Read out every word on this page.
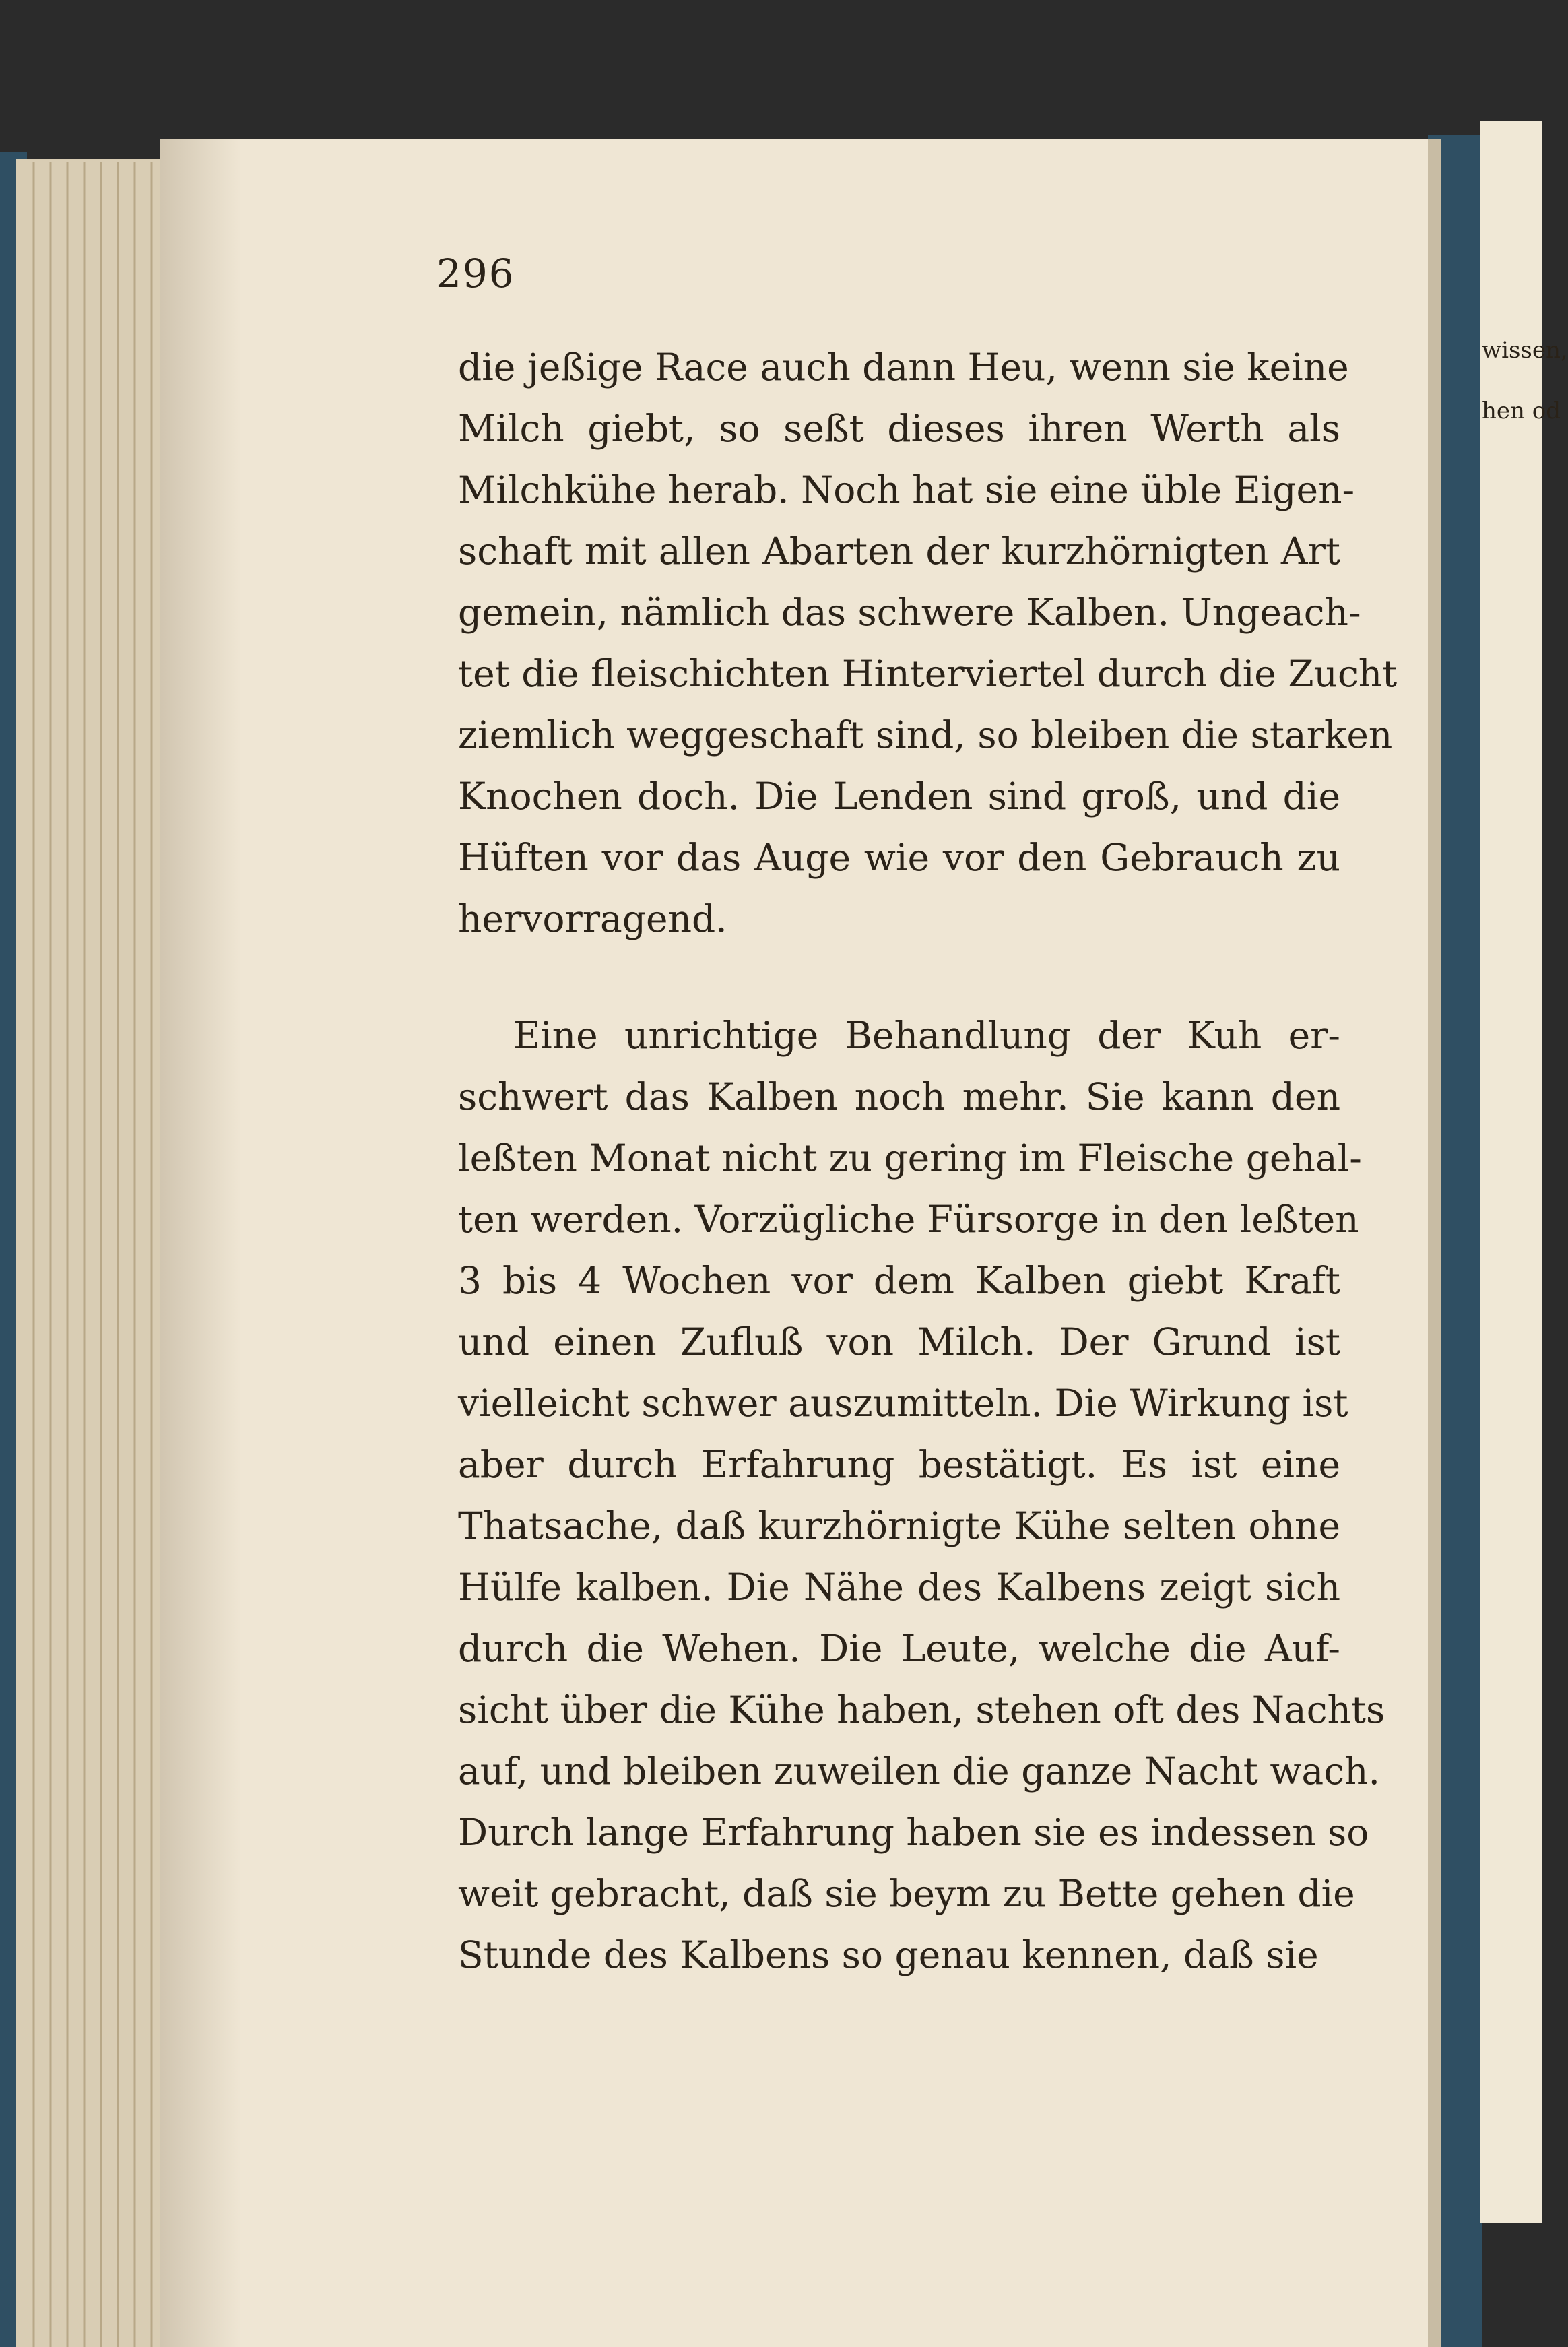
296
die jeßige Race auch dann Heu, wenn sie keine
Milch giebt, so seßt dieses ihren Werth als
Milchkühe herab. Noch hat sie eine üble Eigen-
schaft mit allen Abarten der kurzhörnigten Art
gemein, nämlich das schwere Kalben. Ungeach-
tet die fleischichten Hinterviertel durch die Zucht
ziemlich weggeschaft sind, so bleiben die starken
Knochen doch. Die Lenden sind groß, und die
Hüften vor das Auge wie vor den Gebrauch zu
hervorragend.
Eine unrichtige Behandlung der Kuh er-
schwert das Kalben noch mehr. Sie kann den
leßten Monat nicht zu gering im Fleische gehal-
ten werden. Vorzügliche Fürsorge in den leßten
3 bis 4 Wochen vor dem Kalben giebt Kraft
und einen Zufluß von Milch. Der Grund ist
vielleicht schwer auszumitteln. Die Wirkung ist
aber durch Erfahrung bestätigt. Es ist eine
Thatsache, daß kurzhörnigte Kühe selten ohne
Hülfe kalben. Die Nähe des Kalbens zeigt sich
durch die Wehen. Die Leute, welche die Auf-
sicht über die Kühe haben, stehen oft des Nachts
auf, und bleiben zuweilen die ganze Nacht wach.
Durch lange Erfahrung haben sie es indessen so
weit gebracht, daß sie beym zu Bette gehen die
Stunde des Kalbens so genau kennen, daß sie
wissen,
hen od
